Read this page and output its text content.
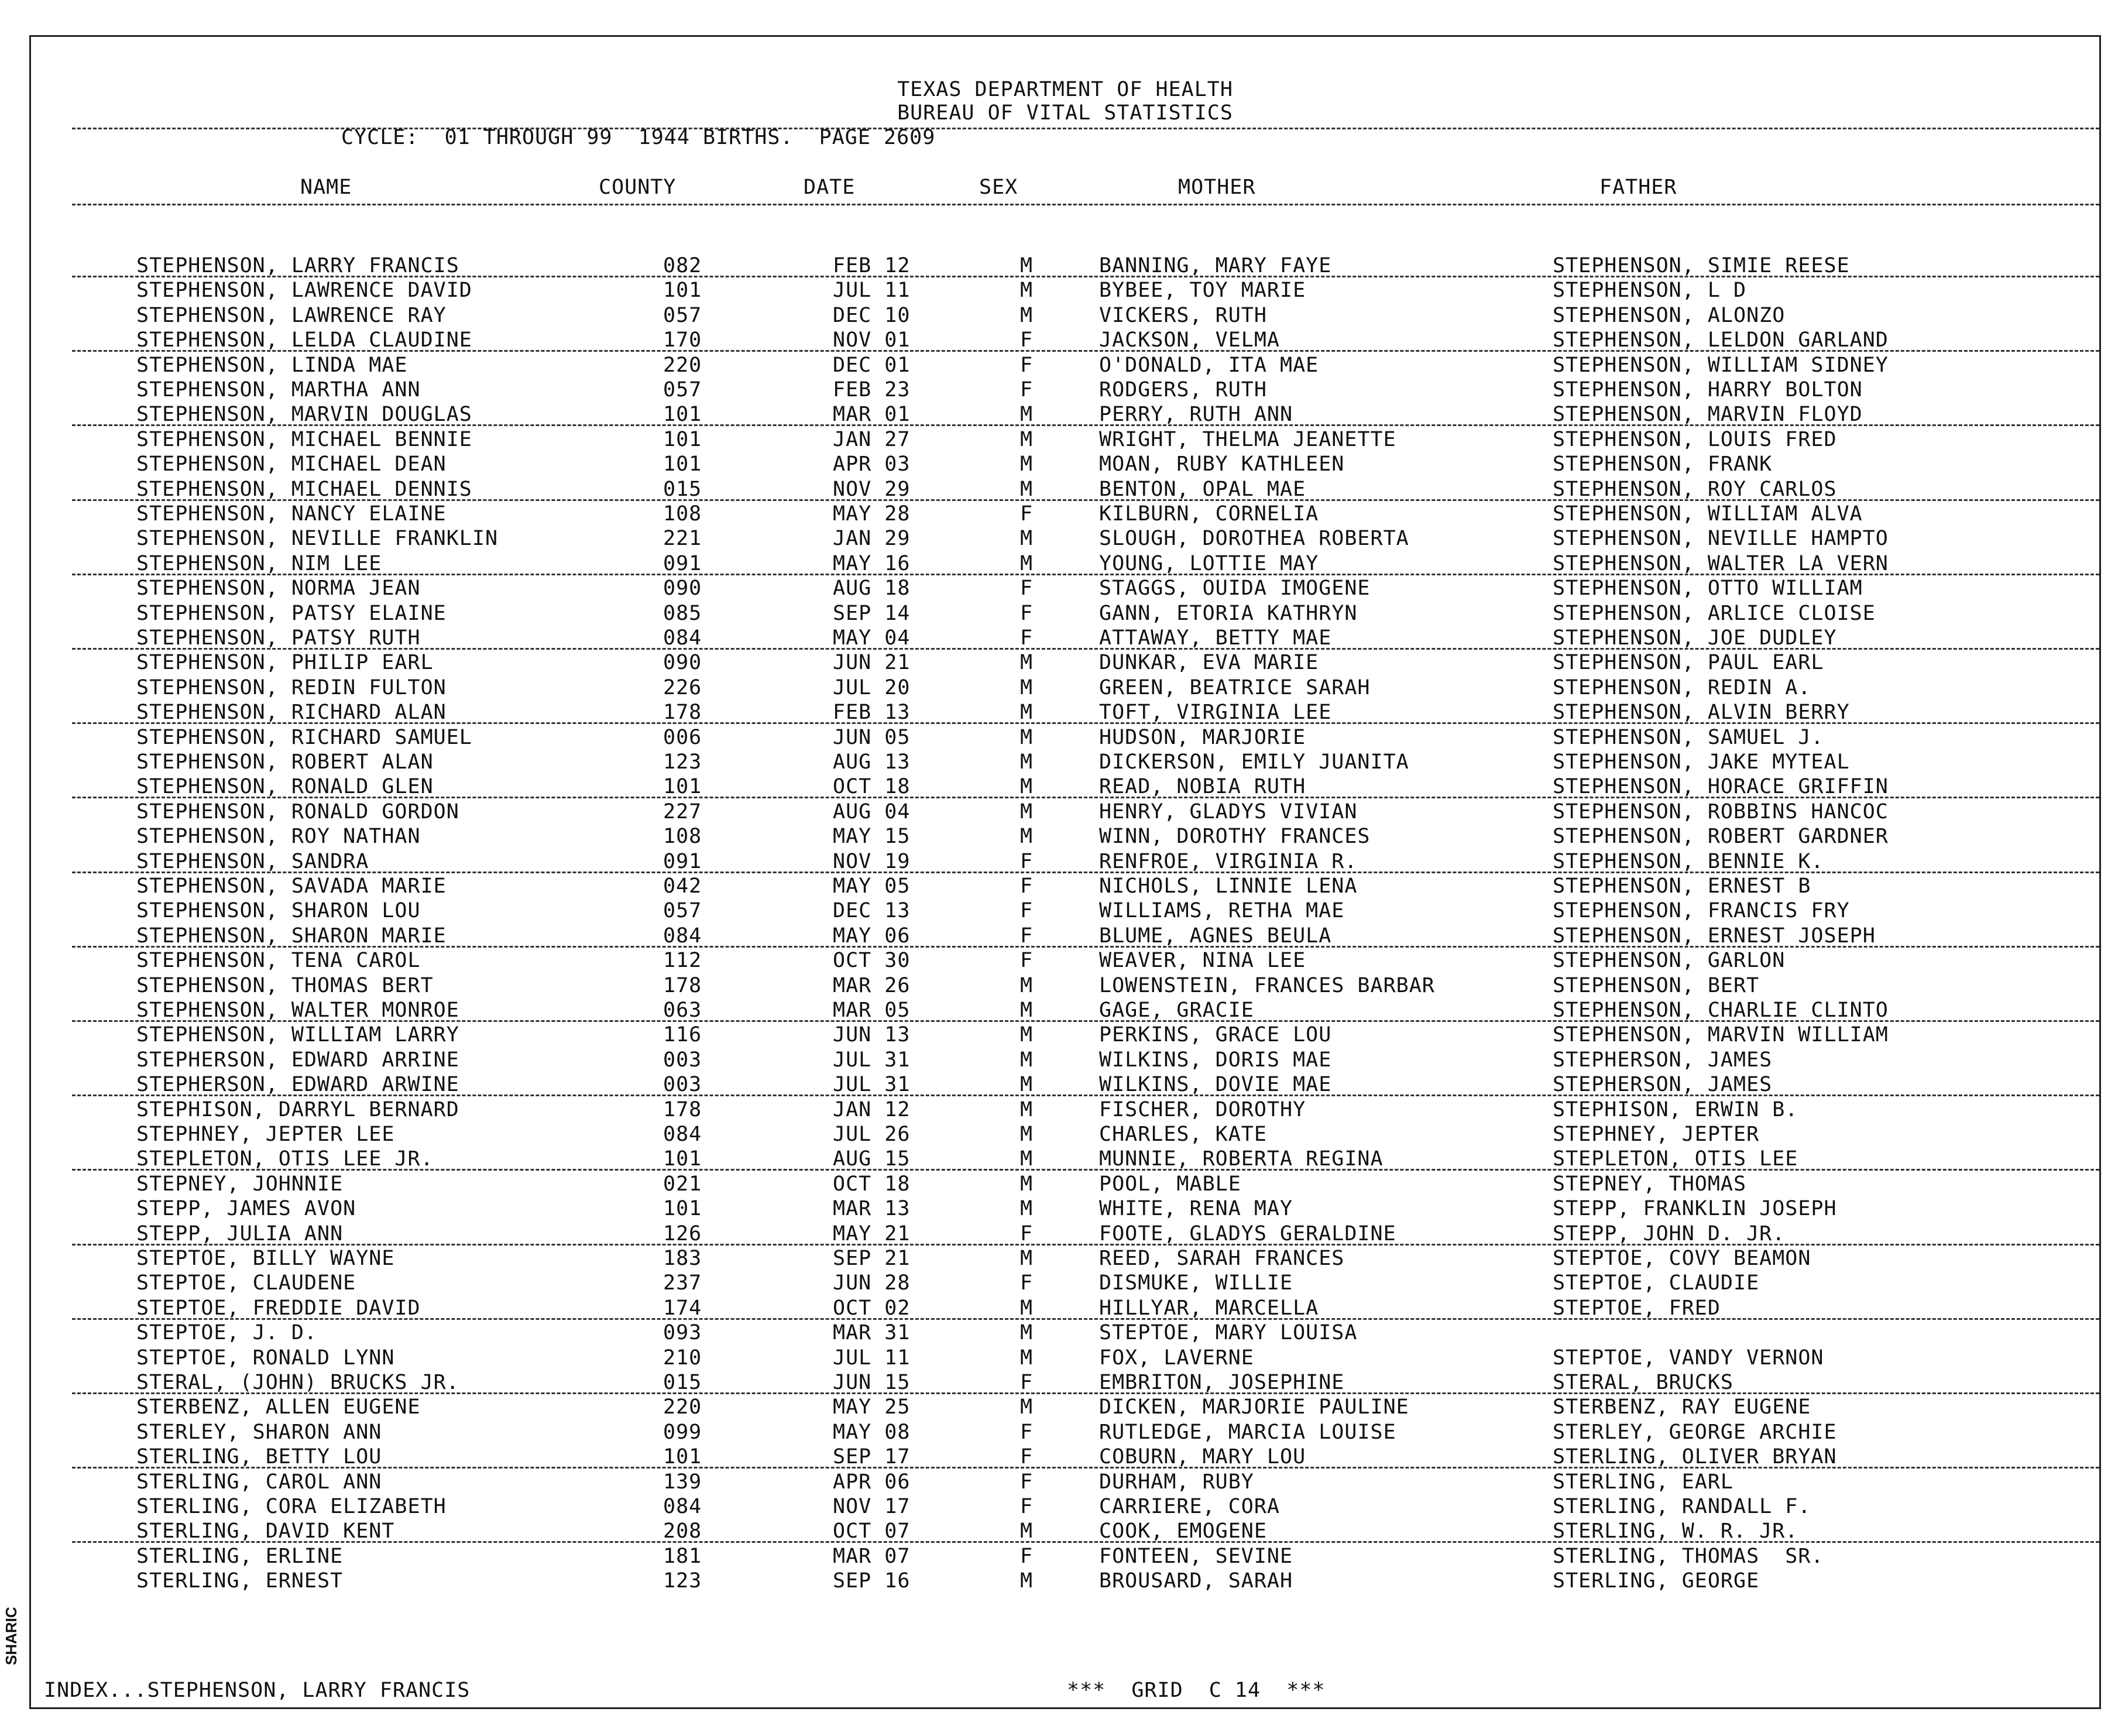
TEXAS DEPARTMENT OF HEALTH
BUREAU OF VITAL STATISTICS
CYCLE:  01 THROUGH 99  1944 BIRTHS.  PAGE 2609
NAME	COUNTY	DATE	SEX	MOTHER	FATHER
INDEX...STEPHENSON, LARRY FRANCIS	***  GRID  C 14  ***
STEPHENSON, LARRY FRANCIS	082	FEB 12	M	BANNING, MARY FAYE	STEPHENSON, SIMIE REESE
STEPHENSON, LAWRENCE DAVID	101	JUL 11	M	BYBEE, TOY MARIE	STEPHENSON, L D
STEPHENSON, LAWRENCE RAY	057	DEC 10	M	VICKERS, RUTH	STEPHENSON, ALONZO
STEPHENSON, LELDA CLAUDINE	170	NOV 01	F	JACKSON, VELMA	STEPHENSON, LELDON GARLAND
STEPHENSON, LINDA MAE	220	DEC 01	F	O'DONALD, ITA MAE	STEPHENSON, WILLIAM SIDNEY
STEPHENSON, MARTHA ANN	057	FEB 23	F	RODGERS, RUTH	STEPHENSON, HARRY BOLTON
STEPHENSON, MARVIN DOUGLAS	101	MAR 01	M	PERRY, RUTH ANN	STEPHENSON, MARVIN FLOYD
STEPHENSON, MICHAEL BENNIE	101	JAN 27	M	WRIGHT, THELMA JEANETTE	STEPHENSON, LOUIS FRED
STEPHENSON, MICHAEL DEAN	101	APR 03	M	MOAN, RUBY KATHLEEN	STEPHENSON, FRANK
STEPHENSON, MICHAEL DENNIS	015	NOV 29	M	BENTON, OPAL MAE	STEPHENSON, ROY CARLOS
STEPHENSON, NANCY ELAINE	108	MAY 28	F	KILBURN, CORNELIA	STEPHENSON, WILLIAM ALVA
STEPHENSON, NEVILLE FRANKLIN	221	JAN 29	M	SLOUGH, DOROTHEA ROBERTA	STEPHENSON, NEVILLE HAMPTO
STEPHENSON, NIM LEE	091	MAY 16	M	YOUNG, LOTTIE MAY	STEPHENSON, WALTER LA VERN
STEPHENSON, NORMA JEAN	090	AUG 18	F	STAGGS, OUIDA IMOGENE	STEPHENSON, OTTO WILLIAM
STEPHENSON, PATSY ELAINE	085	SEP 14	F	GANN, ETORIA KATHRYN	STEPHENSON, ARLICE CLOISE
STEPHENSON, PATSY RUTH	084	MAY 04	F	ATTAWAY, BETTY MAE	STEPHENSON, JOE DUDLEY
STEPHENSON, PHILIP EARL	090	JUN 21	M	DUNKAR, EVA MARIE	STEPHENSON, PAUL EARL
STEPHENSON, REDIN FULTON	226	JUL 20	M	GREEN, BEATRICE SARAH	STEPHENSON, REDIN A.
STEPHENSON, RICHARD ALAN	178	FEB 13	M	TOFT, VIRGINIA LEE	STEPHENSON, ALVIN BERRY
STEPHENSON, RICHARD SAMUEL	006	JUN 05	M	HUDSON, MARJORIE	STEPHENSON, SAMUEL J.
STEPHENSON, ROBERT ALAN	123	AUG 13	M	DICKERSON, EMILY JUANITA	STEPHENSON, JAKE MYTEAL
STEPHENSON, RONALD GLEN	101	OCT 18	M	READ, NOBIA RUTH	STEPHENSON, HORACE GRIFFIN
STEPHENSON, RONALD GORDON	227	AUG 04	M	HENRY, GLADYS VIVIAN	STEPHENSON, ROBBINS HANCOC
STEPHENSON, ROY NATHAN	108	MAY 15	M	WINN, DOROTHY FRANCES	STEPHENSON, ROBERT GARDNER
STEPHENSON, SANDRA	091	NOV 19	F	RENFROE, VIRGINIA R.	STEPHENSON, BENNIE K.
STEPHENSON, SAVADA MARIE	042	MAY 05	F	NICHOLS, LINNIE LENA	STEPHENSON, ERNEST B
STEPHENSON, SHARON LOU	057	DEC 13	F	WILLIAMS, RETHA MAE	STEPHENSON, FRANCIS FRY
STEPHENSON, SHARON MARIE	084	MAY 06	F	BLUME, AGNES BEULA	STEPHENSON, ERNEST JOSEPH
STEPHENSON, TENA CAROL	112	OCT 30	F	WEAVER, NINA LEE	STEPHENSON, GARLON
STEPHENSON, THOMAS BERT	178	MAR 26	M	LOWENSTEIN, FRANCES BARBAR	STEPHENSON, BERT
STEPHENSON, WALTER MONROE	063	MAR 05	M	GAGE, GRACIE	STEPHENSON, CHARLIE CLINTO
STEPHENSON, WILLIAM LARRY	116	JUN 13	M	PERKINS, GRACE LOU	STEPHENSON, MARVIN WILLIAM
STEPHERSON, EDWARD ARRINE	003	JUL 31	M	WILKINS, DORIS MAE	STEPHERSON, JAMES
STEPHERSON, EDWARD ARWINE	003	JUL 31	M	WILKINS, DOVIE MAE	STEPHERSON, JAMES
STEPHISON, DARRYL BERNARD	178	JAN 12	M	FISCHER, DOROTHY	STEPHISON, ERWIN B.
STEPHNEY, JEPTER LEE	084	JUL 26	M	CHARLES, KATE	STEPHNEY, JEPTER
STEPLETON, OTIS LEE JR.	101	AUG 15	M	MUNNIE, ROBERTA REGINA	STEPLETON, OTIS LEE
STEPNEY, JOHNNIE	021	OCT 18	M	POOL, MABLE	STEPNEY, THOMAS
STEPP, JAMES AVON	101	MAR 13	M	WHITE, RENA MAY	STEPP, FRANKLIN JOSEPH
STEPP, JULIA ANN	126	MAY 21	F	FOOTE, GLADYS GERALDINE	STEPP, JOHN D. JR.
STEPTOE, BILLY WAYNE	183	SEP 21	M	REED, SARAH FRANCES	STEPTOE, COVY BEAMON
STEPTOE, CLAUDENE	237	JUN 28	F	DISMUKE, WILLIE	STEPTOE, CLAUDIE
STEPTOE, FREDDIE DAVID	174	OCT 02	M	HILLYAR, MARCELLA	STEPTOE, FRED
STEPTOE, J. D.	093	MAR 31	M	STEPTOE, MARY LOUISA
STEPTOE, RONALD LYNN	210	JUL 11	M	FOX, LAVERNE	STEPTOE, VANDY VERNON
STERAL, (JOHN) BRUCKS JR.	015	JUN 15	F	EMBRITON, JOSEPHINE	STERAL, BRUCKS
STERBENZ, ALLEN EUGENE	220	MAY 25	M	DICKEN, MARJORIE PAULINE	STERBENZ, RAY EUGENE
STERLEY, SHARON ANN	099	MAY 08	F	RUTLEDGE, MARCIA LOUISE	STERLEY, GEORGE ARCHIE
STERLING, BETTY LOU	101	SEP 17	F	COBURN, MARY LOU	STERLING, OLIVER BRYAN
STERLING, CAROL ANN	139	APR 06	F	DURHAM, RUBY	STERLING, EARL
STERLING, CORA ELIZABETH	084	NOV 17	F	CARRIERE, CORA	STERLING, RANDALL F.
STERLING, DAVID KENT	208	OCT 07	M	COOK, EMOGENE	STERLING, W. R. JR.
STERLING, ERLINE	181	MAR 07	F	FONTEEN, SEVINE	STERLING, THOMAS  SR.
STERLING, ERNEST	123	SEP 16	M	BROUSARD, SARAH	STERLING, GEORGE
SHARIC
